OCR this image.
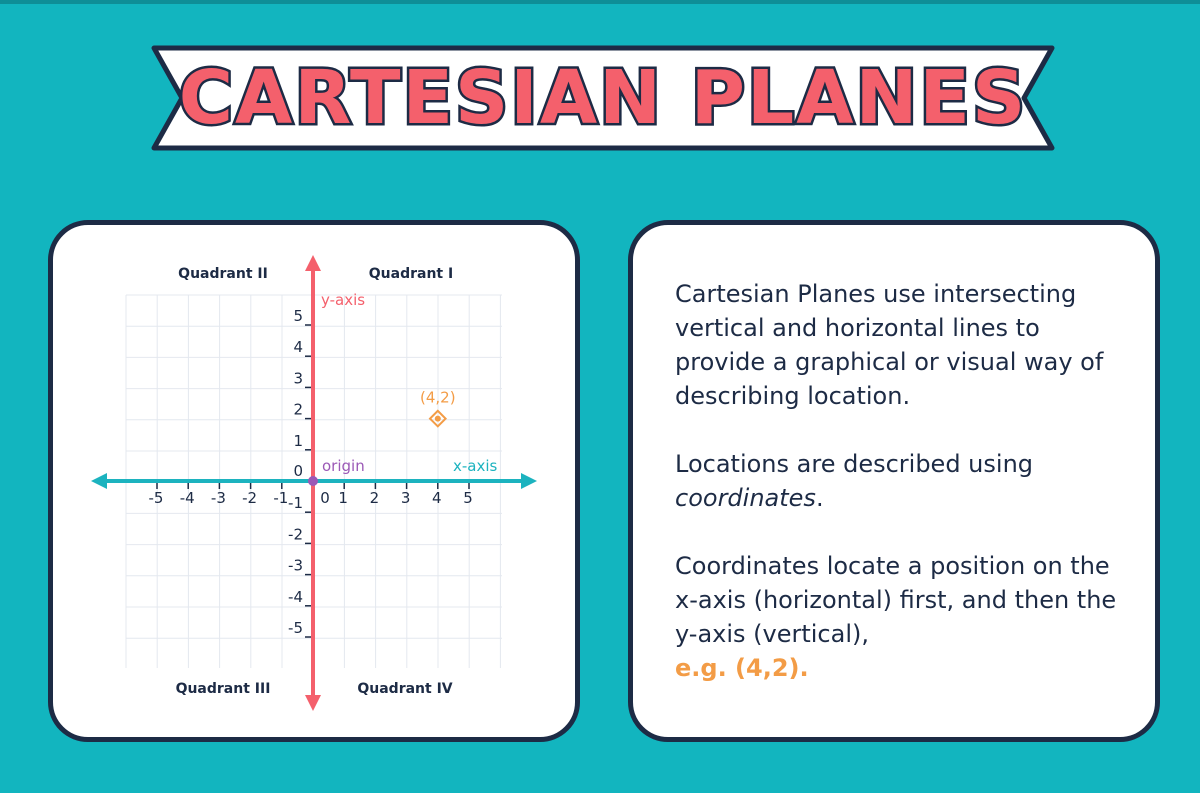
CARTESIAN PLANES
-5 -4 -3 -2 -1 0 1 2 3 4 5
5
4
3
2
1
0
-1
-2
-3
-4
-5
origin	x-axis
y-axis
(4,2)
Quadrant I
Quadrant II
Quadrant III	Quadrant IV

Cartesian Planes use intersecting vertical and horizontal lines to provide a graphical or visual way of describing location.

Locations are described using coordinates.

Coordinates locate a position on the x-axis (horizontal) first, and then the y-axis (vertical),
e.g. (4,2).
